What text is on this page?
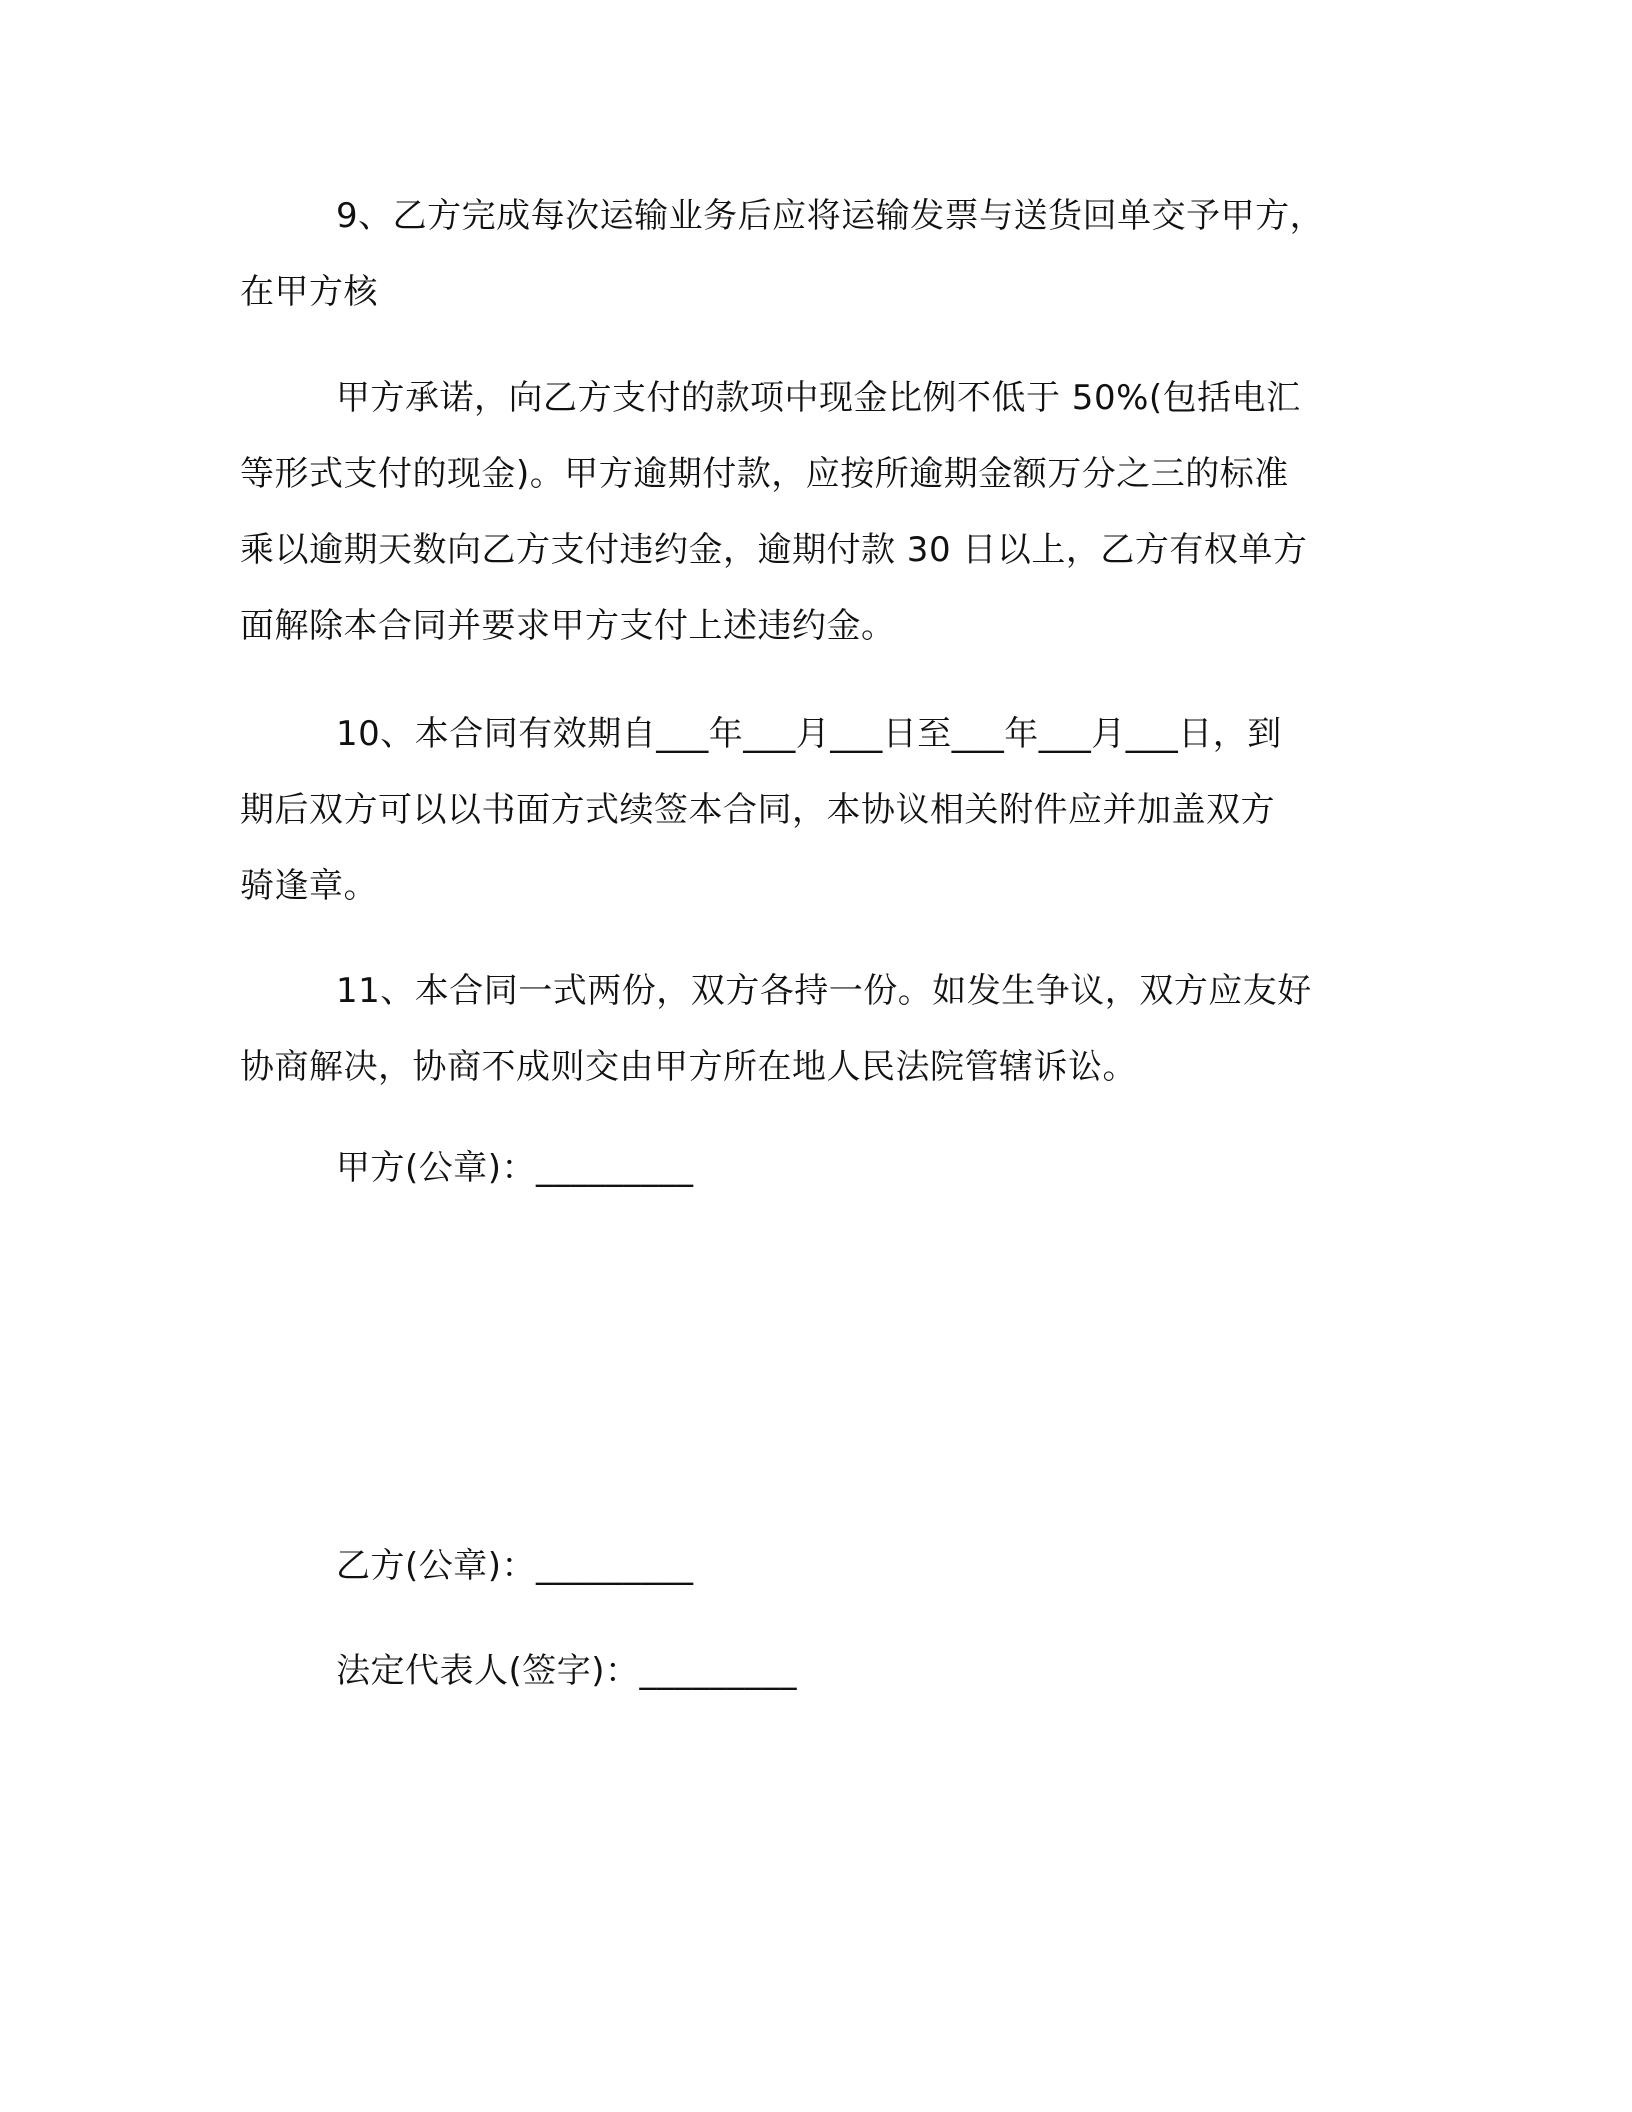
9、乙方完成每次运输业务后应将运输发票与送货回单交予甲方，
在甲方核
甲方承诺，向乙方支付的款项中现金比例不低于 50%(包括电汇
等形式支付的现金)。甲方逾期付款，应按所逾期金额万分之三的标准
乘以逾期天数向乙方支付违约金，逾期付款 30 日以上，乙方有权单方
面解除本合同并要求甲方支付上述违约金。
10、本合同有效期自___年___月___日至___年___月___日，到
期后双方可以以书面方式续签本合同，本协议相关附件应并加盖双方
骑逢章。
11、本合同一式两份，双方各持一份。如发生争议，双方应友好
协商解决，协商不成则交由甲方所在地人民法院管辖诉讼。
甲方(公章)：_________
乙方(公章)：_________
法定代表人(签字)：_________
